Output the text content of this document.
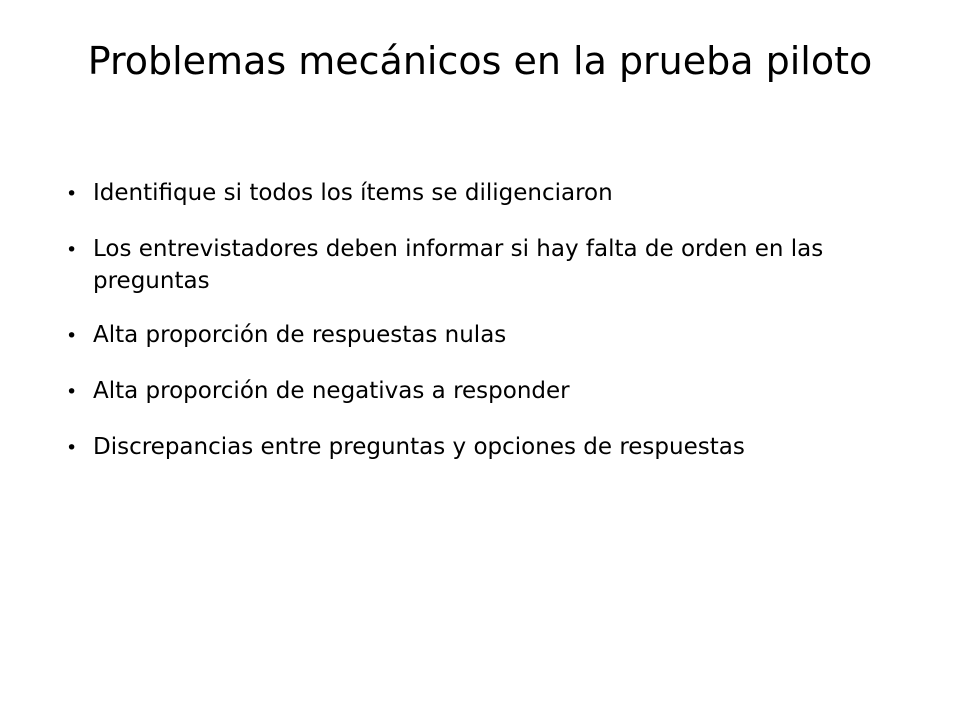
Problemas mecánicos en la prueba piloto
• Identifique si todos los ítems se diligenciaron
• Los entrevistadores deben informar si hay falta de orden en las preguntas
• Alta proporción de respuestas nulas
• Alta proporción de negativas a responder
• Discrepancias entre preguntas y opciones de respuestas
